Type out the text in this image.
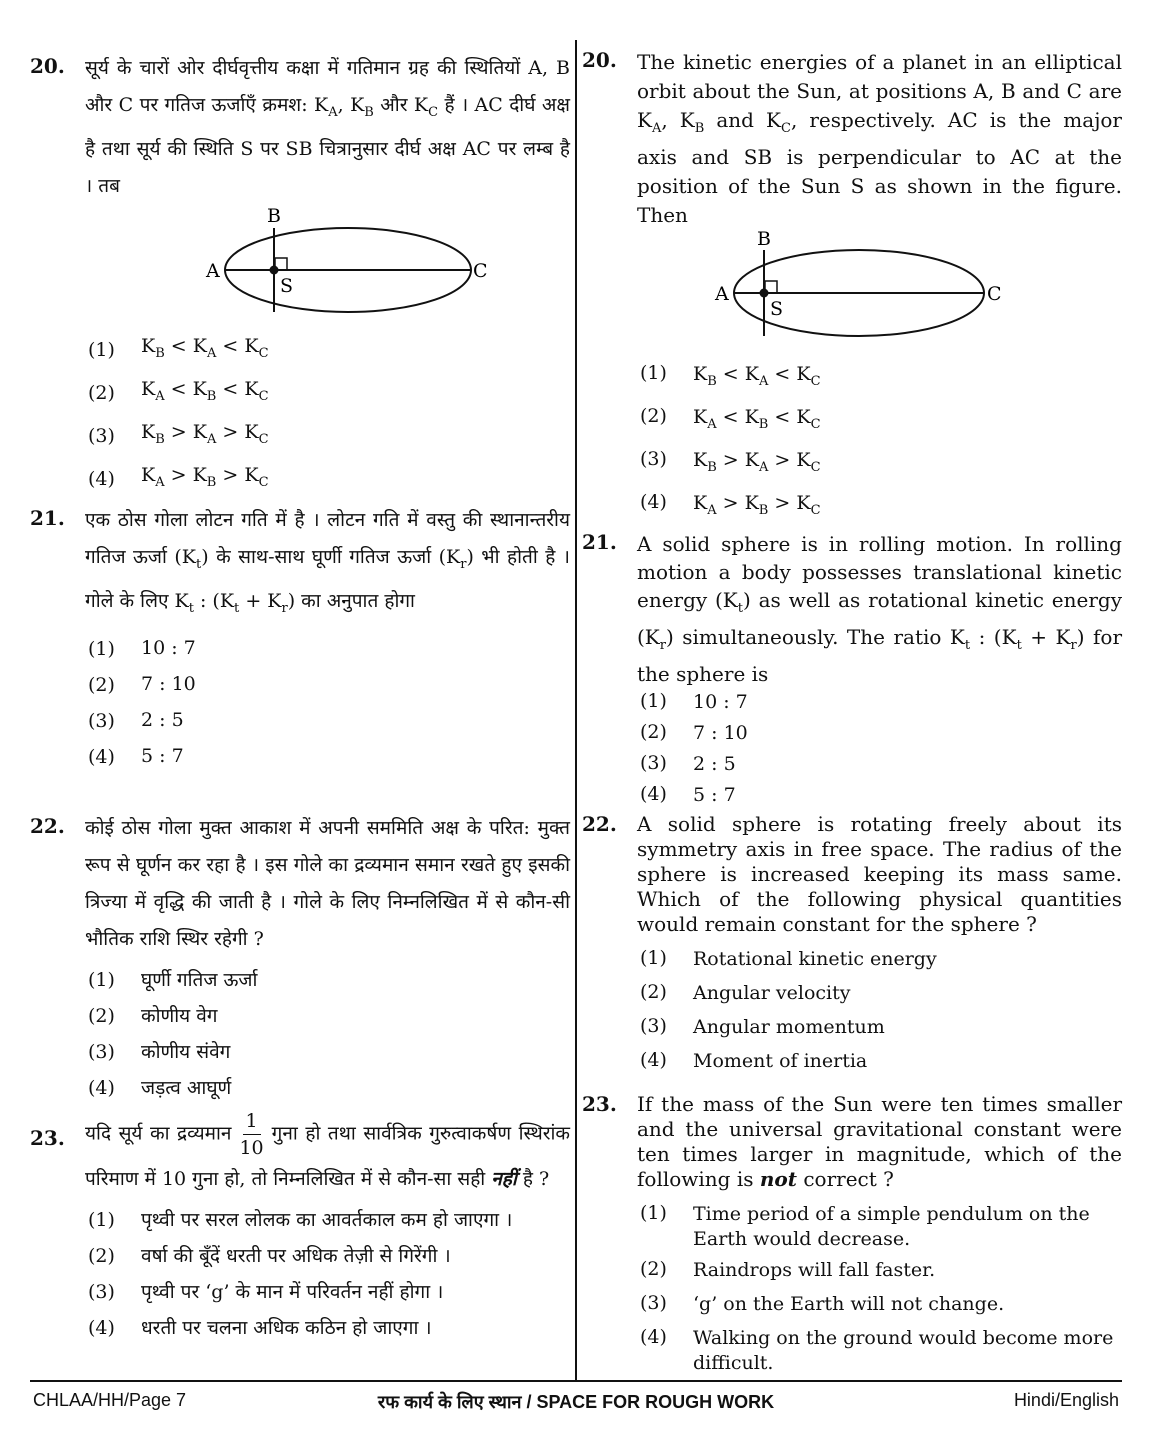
20. सूर्य के चारों ओर दीर्घवृत्तीय कक्षा में गतिमान ग्रह की स्थितियों A, B और C पर गतिज ऊर्जाएँ क्रमश: $K_A$, $K_B$ और $K_C$ हैं । AC दीर्घ अक्ष है तथा सूर्य की स्थिति S पर SB चित्रानुसार दीर्घ अक्ष AC पर लम्ब है । तब
A
B
C
S
(1)	$K_B < K_A < K_C$
(2)	$K_A < K_B < K_C$
(3)	$K_B > K_A > K_C$
(4)	$K_A > K_B > K_C$
21. एक ठोस गोला लोटन गति में है । लोटन गति में वस्तु की स्थानान्तरीय गतिज ऊर्जा $(K_t)$ के साथ-साथ घूर्णी गतिज ऊर्जा $(K_r)$ भी होती है । गोले के लिए $K_t$ : $(K_t + K_r)$ का अनुपात होगा
(1)	10 : 7
(2)	7 : 10
(3)	2 : 5
(4)	5 : 7
22. कोई ठोस गोला मुक्त आकाश में अपनी सममिति अक्ष के परित: मुक्त रूप से घूर्णन कर रहा है । इस गोले का द्रव्यमान समान रखते हुए इसकी त्रिज्या में वृद्धि की जाती है । गोले के लिए निम्नलिखित में से कौन-सी भौतिक राशि स्थिर रहेगी ?
(1)	घूर्णी गतिज ऊर्जा
(2)	कोणीय वेग
(3)	कोणीय संवेग
(4)	जड़त्व आघूर्ण
23. यदि सूर्य का द्रव्यमान $\frac{1}{10}$ गुना हो तथा सार्वत्रिक गुरुत्वाकर्षण स्थिरांक परिमाण में 10 गुना हो, तो निम्नलिखित में से कौन-सा सही नहीं है ?
(1)	पृथ्वी पर सरल लोलक का आवर्तकाल कम हो जाएगा ।
(2)	वर्षा की बूँदें धरती पर अधिक तेज़ी से गिरेंगी ।
(3)	पृथ्वी पर ‘g’ के मान में परिवर्तन नहीं होगा ।
(4)	धरती पर चलना अधिक कठिन हो जाएगा ।
20. The kinetic energies of a planet in an elliptical orbit about the Sun, at positions A, B and C are $K_A$, $K_B$ and $K_C$, respectively. AC is the major axis and SB is perpendicular to AC at the position of the Sun S as shown in the figure. Then
A
B
C
S
(1)	$K_B < K_A < K_C$
(2)	$K_A < K_B < K_C$
(3)	$K_B > K_A > K_C$
(4)	$K_A > K_B > K_C$
21. A solid sphere is in rolling motion. In rolling motion a body possesses translational kinetic energy $(K_t)$ as well as rotational kinetic energy $(K_r)$ simultaneously. The ratio $K_t$ : $(K_t + K_r)$ for the sphere is
(1)	10 : 7
(2)	7 : 10
(3)	2 : 5
(4)	5 : 7
22. A solid sphere is rotating freely about its symmetry axis in free space. The radius of the sphere is increased keeping its mass same. Which of the following physical quantities would remain constant for the sphere ?
(1)	Rotational kinetic energy
(2)	Angular velocity
(3)	Angular momentum
(4)	Moment of inertia
23. If the mass of the Sun were ten times smaller and the universal gravitational constant were ten times larger in magnitude, which of the following is not correct ?
(1)	Time period of a simple pendulum on the Earth would decrease.
(2)	Raindrops will fall faster.
(3)	‘g’ on the Earth will not change.
(4)	Walking on the ground would become more difficult.
CHLAA/HH/Page 7	रफ कार्य के लिए स्थान / SPACE FOR ROUGH WORK	Hindi/English
